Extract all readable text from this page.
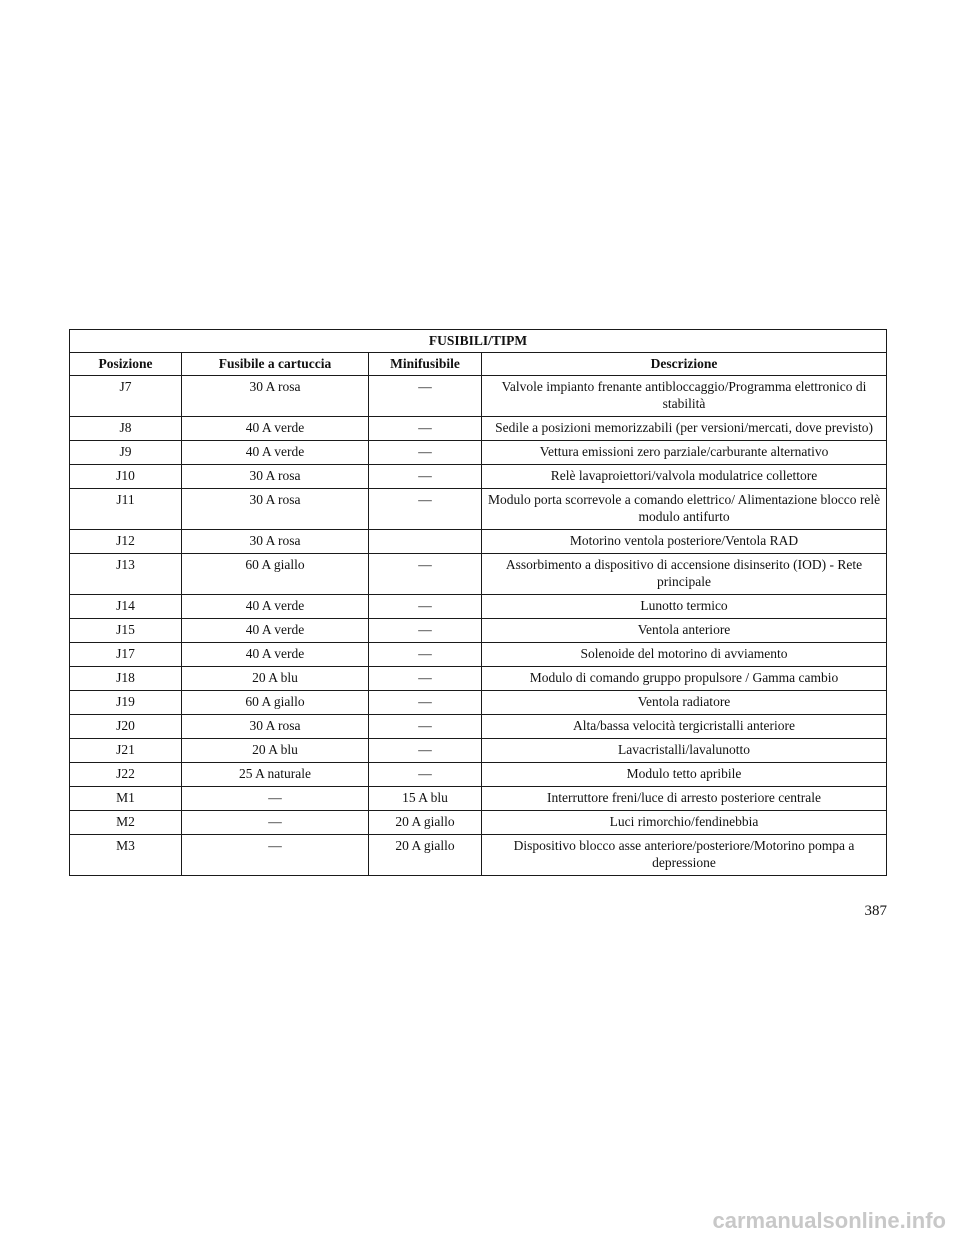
FUSIBILI/TIPM			
Posizione	Fusibile a cartuccia	Minifusibile	Descrizione
J7	30 A rosa	—	Valvole impianto frenante antibloccaggio/Programma elettronico di stabilità
J8	40 A verde	—	Sedile a posizioni memorizzabili (per versioni/mercati, dove previsto)
J9	40 A verde	—	Vettura emissioni zero parziale/carburante alternativo
J10	30 A rosa	—	Relè lavaproiettori/valvola modulatrice collettore
J11	30 A rosa	—	Modulo porta scorrevole a comando elettrico/ Alimentazione blocco relè modulo antifurto
J12	30 A rosa		Motorino ventola posteriore/Ventola RAD
J13	60 A giallo	—	Assorbimento a dispositivo di accensione disinserito (IOD) - Rete principale
J14	40 A verde	—	Lunotto termico
J15	40 A verde	—	Ventola anteriore
J17	40 A verde	—	Solenoide del motorino di avviamento
J18	20 A blu	—	Modulo di comando gruppo propulsore / Gamma cambio
J19	60 A giallo	—	Ventola radiatore
J20	30 A rosa	—	Alta/bassa velocità tergicristalli anteriore
J21	20 A blu	—	Lavacristalli/lavalunotto
J22	25 A naturale	—	Modulo tetto apribile
M1	—	15 A blu	Interruttore freni/luce di arresto posteriore centrale
M2	—	20 A giallo	Luci rimorchio/fendinebbia
M3	—	20 A giallo	Dispositivo blocco asse anteriore/posteriore/Motorino pompa a depressione
387
carmanualsonline.info
